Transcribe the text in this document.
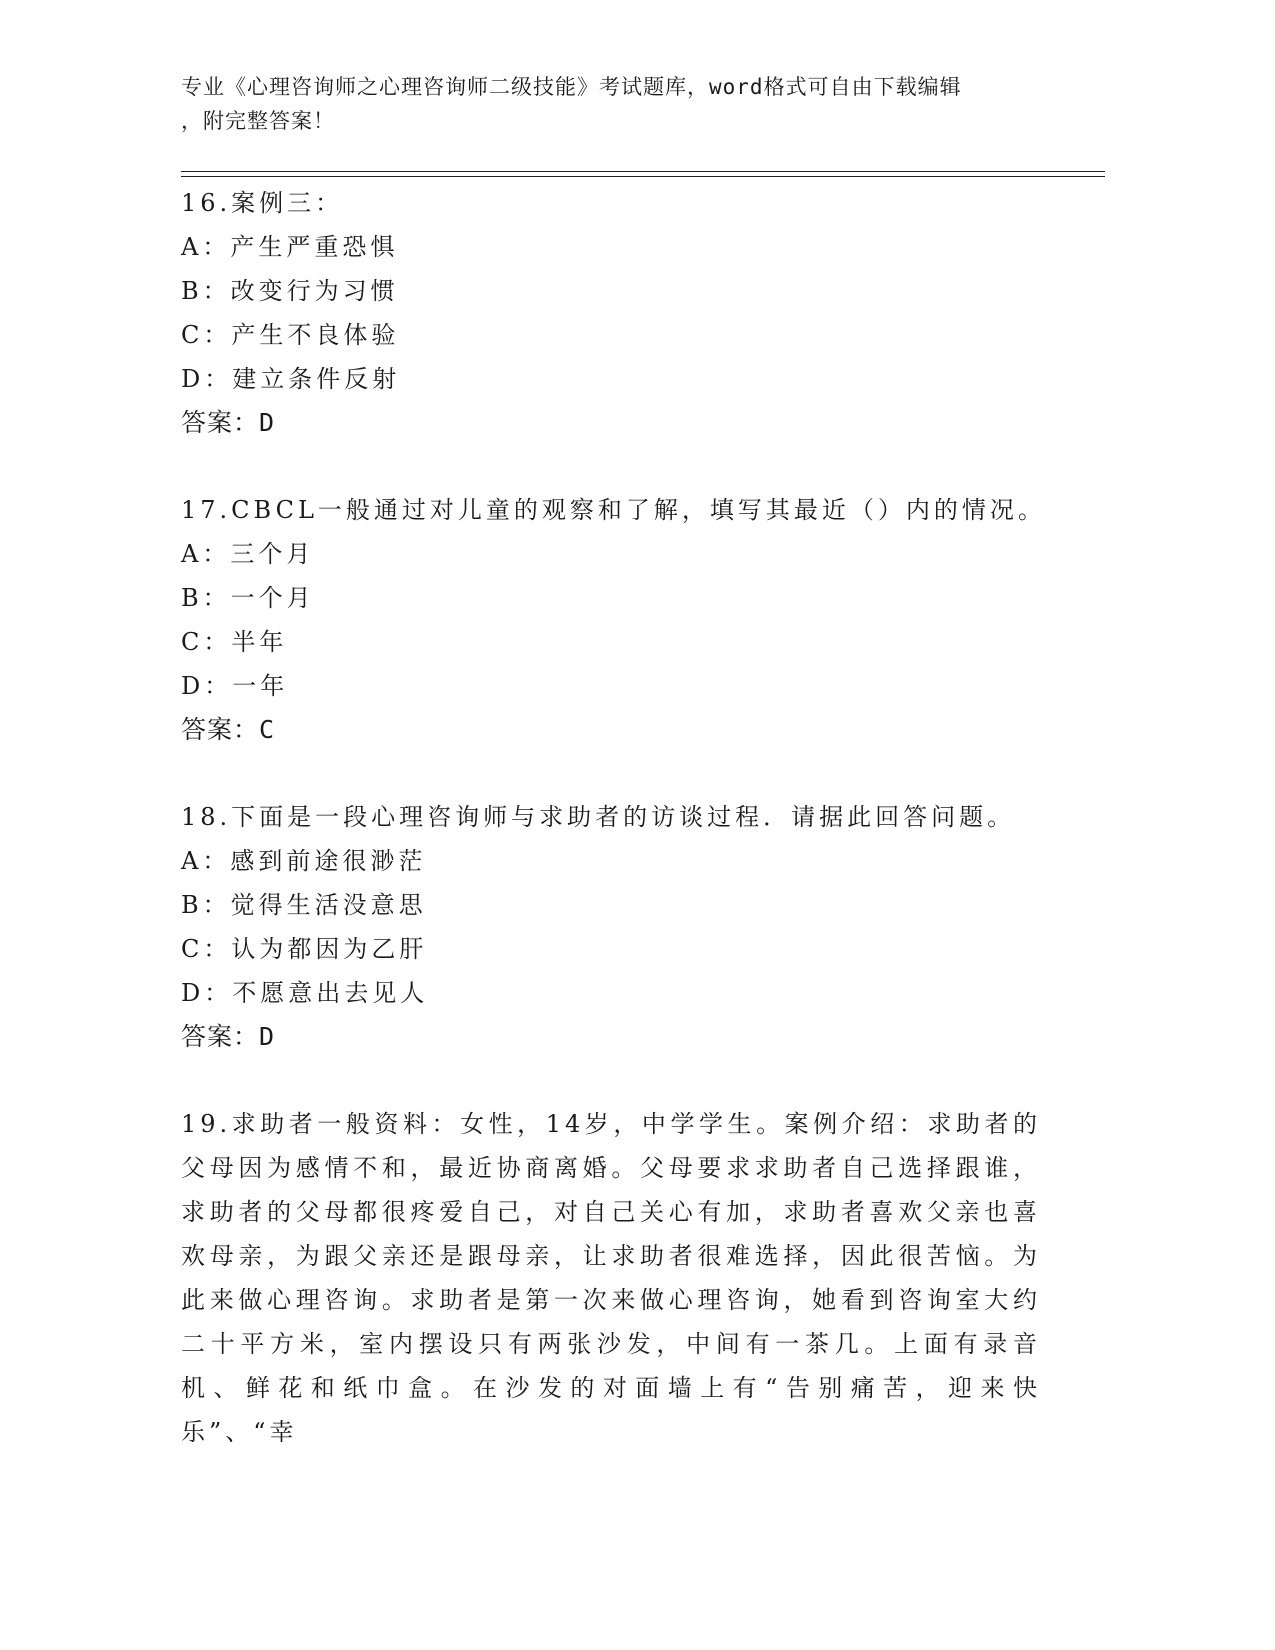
专业《心理咨询师之心理咨询师二级技能》考试题库，word格式可自由下载编辑
，附完整答案！
16.案例三：
A：产生严重恐惧
B：改变行为习惯
C：产生不良体验
D：建立条件反射
答案：D
17.CBCL一般通过对儿童的观察和了解，填写其最近（）内的情况。
A：三个月
B：一个月
C：半年
D：一年
答案：C
18.下面是一段心理咨询师与求助者的访谈过程．请据此回答问题。
A：感到前途很渺茫
B：觉得生活没意思
C：认为都因为乙肝
D：不愿意出去见人
答案：D
19.求助者一般资料：女性，14岁，中学学生。案例介绍：求助者的父母因为感情不和，最近协商离婚。父母要求求助者自己选择跟谁，求助者的父母都很疼爱自己，对自己关心有加，求助者喜欢父亲也喜欢母亲，为跟父亲还是跟母亲，让求助者很难选择，因此很苦恼。为此来做心理咨询。求助者是第一次来做心理咨询，她看到咨询室大约二十平方米，室内摆设只有两张沙发，中间有一茶几。上面有录音机、鲜花和纸巾盒。在沙发的对面墙上有“告别痛苦，迎来快乐”、“幸
